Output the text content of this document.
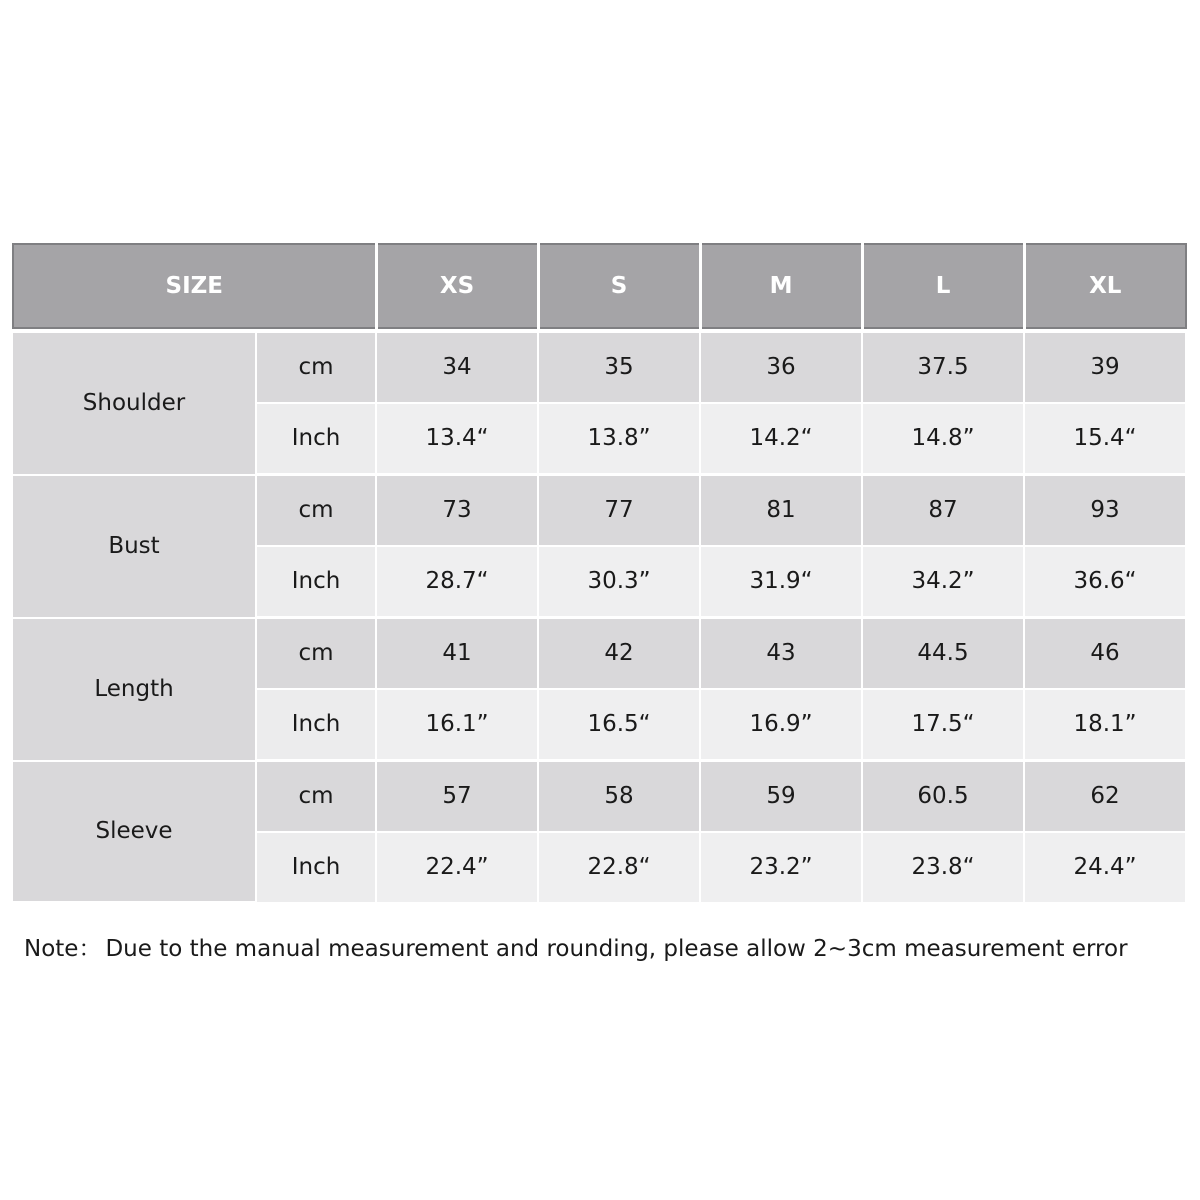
SIZE		XS	S	M	L	XL

Shoulder	cm	34	35	36	37.5	39
	Inch	13.4“	13.8”	14.2“	14.8”	15.4“
Bust	cm	73	77	81	87	93
	Inch	28.7“	30.3”	31.9“	34.2”	36.6“
Length	cm	41	42	43	44.5	46
	Inch	16.1”	16.5“	16.9”	17.5“	18.1”
Sleeve	cm	57	58	59	60.5	62
	Inch	22.4”	22.8“	23.2”	23.8“	24.4”
Note： Due to the manual measurement and rounding, please allow 2~3cm measurement error
